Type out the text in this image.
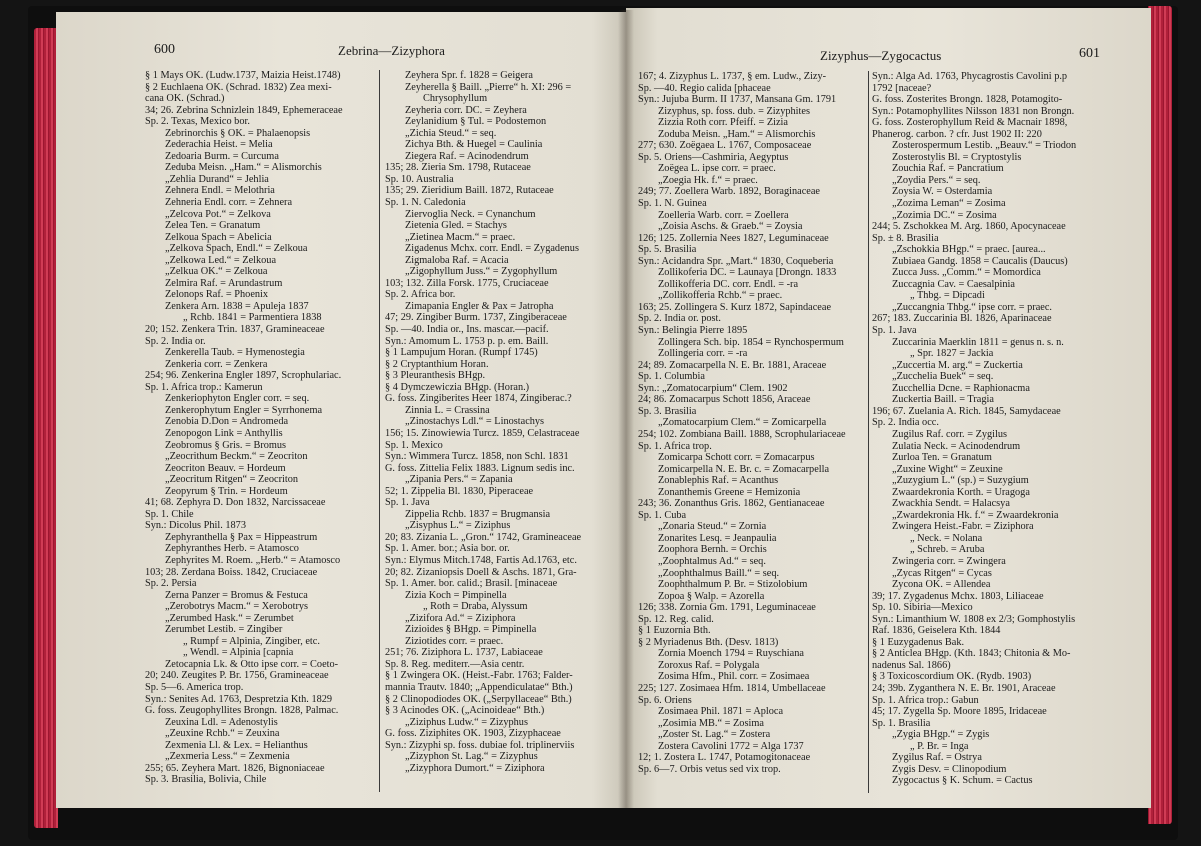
600	Zebrina—Zizyphora
§ 1 Mays OK. (Ludw.1737, Maizia Heist.1748)
§ 2 Euchlaena OK. (Schrad. 1832) Zea mexi-
cana OK. (Schrad.)
34; 26. Zebrina Schnizlein 1849, Ephemeraceae
Sp. 2. Texas, Mexico bor.
Zebrinorchis § OK. = Phalaenopsis
Zederachia Heist. = Melia
Zedoaria Burm. = Curcuma
Zeduba Meisn. „Ham.“ = Alismorchis
„Zehlia Durand“ = Jehlia
Zehnera Endl. = Melothria
Zehneria Endl. corr. = Zehnera
„Zelcova Pot.“ = Zelkova
Zelea Ten. = Granatum
Zelkoua Spach = Abelicia
„Zelkova Spach, Endl.“ = Zelkoua
„Zelkowa Led.“ = Zelkoua
„Zelkua OK.“ = Zelkoua
Zelmira Raf. = Arundastrum
Zelonops Raf. = Phoenix
Zenkera Arn. 1838 = Apuleja 1837
„ Rchb. 1841 = Parmentiera 1838
20; 152. Zenkera Trin. 1837, Gramineaceae
Sp. 2. India or.
Zenkerella Taub. = Hymenostegia
Zenkeria corr. = Zenkera
254; 96. Zenkerina Engler 1897, Scrophulariac.
Sp. 1. Africa trop.: Kamerun
Zenkeriophyton Engler corr. = seq.
Zenkerophytum Engler = Syrrhonema
Zenobia D.Don = Andromeda
Zenopogon Link = Anthyllis
Zeobromus § Gris. = Bromus
„Zeocrithum Beckm.“ = Zeocriton
Zeocriton Beauv. = Hordeum
„Zeocritum Ritgen“ = Zeocriton
Zeopyrum § Trin. = Hordeum
41; 68. Zephyra D. Don 1832, Narcissaceae
Sp. 1. Chile
Syn.: Dicolus Phil. 1873
Zephyranthella § Pax = Hippeastrum
Zephyranthes Herb. = Atamosco
Zephyrites M. Roem. „Herb.“ = Atamosco
103; 28. Zerdana Boiss. 1842, Cruciaceae
Sp. 2. Persia
Zerna Panzer = Bromus & Festuca
„Zerobotrys Macm.“ = Xerobotrys
„Zerumbed Hask.“ = Zerumbet
Zerumbet Lestib. = Zingiber
„ Rumpf = Alpinia, Zingiber, etc.
„ Wendl. = Alpinia [capnia
Zetocapnia Lk. & Otto ipse corr. = Coeto-
20; 240. Zeugites P. Br. 1756, Gramineaceae
Sp. 5—6. America trop.
Syn.: Senites Ad. 1763, Despretzia Kth. 1829
G. foss. Zeugophyllites Brongn. 1828, Palmac.
Zeuxina Ldl. = Adenostylis
„Zeuxine Rchb.“ = Zeuxina
Zexmenia Ll. & Lex. = Helianthus
„Zexmeria Less.“ = Zexmenia
255; 65. Zeyhera Mart. 1826, Bignoniaceae
Sp. 3. Brasilia, Bolivia, Chile
Zeyhera Spr. f. 1828 = Geigera
Zeyherella § Baill. „Pierre“ h. XI: 296 =
Chrysophyllum
Zeyheria corr. DC. = Zeyhera
Zeylanidium § Tul. = Podostemon
„Zichia Steud.“ = seq.
Zichya Bth. & Huegel = Caulinia
Ziegera Raf. = Acinodendrum
135; 28. Zieria Sm. 1798, Rutaceae
Sp. 10. Australia
135; 29. Zieridium Baill. 1872, Rutaceae
Sp. 1. N. Caledonia
Ziervoglia Neck. = Cynanchum
Zietenia Gled. = Stachys
„Zietinea Macm.“ = praec.
Zigadenus Mchx. corr. Endl. = Zygadenus
Zigmaloba Raf. = Acacia
„Zigophyllum Juss.“ = Zygophyllum
103; 132. Zilla Forsk. 1775, Cruciaceae
Sp. 2. Africa bor.
Zimapania Engler & Pax = Jatropha
47; 29. Zingiber Burm. 1737, Zingiberaceae
Sp. —40. India or., Ins. mascar.—pacif.
Syn.: Amomum L. 1753 p. p. em. Baill.
§ 1 Lampujum Horan. (Rumpf 1745)
§ 2 Cryptanthium Horan.
§ 3 Pleuranthesis BHgp.
§ 4 Dymczewiczia BHgp. (Horan.)
G. foss. Zingiberites Heer 1874, Zingiberac.?
Zinnia L. = Crassina
„Zinostachys Ldl.“ = Linostachys
156; 15. Zinowiewia Turcz. 1859, Celastraceae
Sp. 1. Mexico
Syn.: Wimmera Turcz. 1858, non Schl. 1831
G. foss. Zittelia Felix 1883. Lignum sedis inc.
„Zipania Pers.“ = Zapania
52; 1. Zippelia Bl. 1830, Piperaceae
Sp. 1. Java
Zippelia Rchb. 1837 = Brugmansia
„Zisyphus L.“ = Ziziphus
20; 83. Zizania L. „Gron.“ 1742, Gramineaceae
Sp. 1. Amer. bor.; Asia bor. or.
Syn.: Elymus Mitch.1748, Fartis Ad.1763, etc.
20; 82. Zizaniopsis Doell & Aschs. 1871, Gra-
Sp. 1. Amer. bor. calid.; Brasil. [minaceae
Zizia Koch = Pimpinella
„ Roth = Draba, Alyssum
„Zizifora Ad.“ = Ziziphora
Zizioides § BHgp. = Pimpinella
Ziziotides corr. = praec.
251; 76. Ziziphora L. 1737, Labiaceae
Sp. 8. Reg. mediterr.—Asia centr.
§ 1 Zwingera OK. (Heist.-Fabr. 1763; Falder-
mannia Trautv. 1840; „Appendiculatae“ Bth.)
§ 2 Clinopodiodes OK. („Serpyllaceae“ Bth.)
§ 3 Acinodes OK. („Acinoideae“ Bth.)
„Ziziphus Ludw.“ = Zizyphus
G. foss. Ziziphites OK. 1903, Zizyphaceae
Syn.: Zizyphi sp. foss. dubiae fol. triplinerviis
„Zizyphon St. Lag.“ = Zizyphus
„Zizyphora Dumort.“ = Ziziphora
Zizyphus—Zygocactus	601
167; 4. Zizyphus L. 1737, § em. Ludw., Zizy-
Sp. —40. Regio calida [phaceae
Syn.: Jujuba Burm. II 1737, Mansana Gm. 1791
Zizyphus, sp. foss. dub. = Zizyphites
Zizzia Roth corr. Pfeiff. = Zizia
Zoduba Meisn. „Ham.“ = Alismorchis
277; 630. Zoëgaea L. 1767, Composaceae
Sp. 5. Oriens—Cashmiria, Aegyptus
Zoëgea L. ipse corr. = praec.
„Zoegia Hk. f.“ = praec.
249; 77. Zoellera Warb. 1892, Boraginaceae
Sp. 1. N. Guinea
Zoelleria Warb. corr. = Zoellera
„Zoisia Aschs. & Graeb.“ = Zoysia
126; 125. Zollernia Nees 1827, Leguminaceae
Sp. 5. Brasilia
Syn.: Acidandra Spr. „Mart.“ 1830, Coqueberia
Zollikoferia DC. = Launaya [Drongn. 1833
Zollikofferia DC. corr. Endl. = -ra
„Zollikofferia Rchb.“ = praec.
163; 25. Zollingera S. Kurz 1872, Sapindaceae
Sp. 2. India or. post.
Syn.: Belingia Pierre 1895
Zollingera Sch. bip. 1854 = Rynchospermum
Zollingeria corr. = -ra
24; 89. Zomacarpella N. E. Br. 1881, Araceae
Sp. 1. Columbia
Syn.: „Zomatocarpium“ Clem. 1902
24; 86. Zomacarpus Schott 1856, Araceae
Sp. 3. Brasilia
„Zomatocarpium Clem.“ = Zomicarpella
254; 102. Zombiana Baill. 1888, Scrophulariaceae
Sp. 1. Africa trop.
Zomicarpa Schott corr. = Zomacarpus
Zomicarpella N. E. Br. c. = Zomacarpella
Zonablephis Raf. = Acanthus
Zonanthemis Greene = Hemizonia
243; 36. Zonanthus Gris. 1862, Gentianaceae
Sp. 1. Cuba
„Zonaria Steud.“ = Zornia
Zonarites Lesq. = Jeanpaulia
Zoophora Bernh. = Orchis
„Zoophtalmus Ad.“ = seq.
„Zoophthalmus Baill.“ = seq.
Zoophthalmum P. Br. = Stizolobium
Zopoa § Walp. = Azorella
126; 338. Zornia Gm. 1791, Leguminaceae
Sp. 12. Reg. calid.
§ 1 Euzornia Bth.
§ 2 Myriadenus Bth. (Desv. 1813)
Zornia Moench 1794 = Ruyschiana
Zoroxus Raf. = Polygala
Zosima Hfm., Phil. corr. = Zosimaea
225; 127. Zosimaea Hfm. 1814, Umbellaceae
Sp. 6. Oriens
Zosimaea Phil. 1871 = Aploca
„Zosimia MB.“ = Zosima
„Zoster St. Lag.“ = Zostera
Zostera Cavolini 1772 = Alga 1737
12; 1. Zostera L. 1747, Potamogitonaceae
Sp. 6—7. Orbis vetus sed vix trop.
Syn.: Alga Ad. 1763, Phycagrostis Cavolini p.p
1792 [naceae?
G. foss. Zosterites Brongn. 1828, Potamogito-
Syn.: Potamophyllites Nilsson 1831 non Brongn.
G. foss. Zosterophyllum Reid & Macnair 1898,
Phanerog. carbon. ? cfr. Just 1902 II: 220
Zosterospermum Lestib. „Beauv.“ = Triodon
Zosterostylis Bl. = Cryptostylis
Zouchia Raf. = Pancratium
„Zoydia Pers.“ = seq.
Zoysia W. = Osterdamia
„Zozima Leman“ = Zosima
„Zozimia DC.“ = Zosima
244; 5. Zschokkea M. Arg. 1860, Apocynaceae
Sp. ± 8. Brasilia
„Zschokkia BHgp.“ = praec. [aurea...
Zubiaea Gandg. 1858 = Caucalis (Daucus)
Zucca Juss. „Comm.“ = Momordica
Zuccagnia Cav. = Caesalpinia
„ Thbg. = Dipcadi
„Zuccangnia Thbg.“ ipse corr. = praec.
267; 183. Zuccarinia Bl. 1826, Aparinaceae
Sp. 1. Java
Zuccarinia Maerklin 1811 = genus n. s. n.
„ Spr. 1827 = Jackia
„Zuccertia M. arg.“ = Zuckertia
„Zucchelia Buek“ = seq.
Zucchellia Dcne. = Raphionacma
Zuckertia Baill. = Tragia
196; 67. Zuelania A. Rich. 1845, Samydaceae
Sp. 2. India occ.
Zugilus Raf. corr. = Zygilus
Zulatia Neck. = Acinodendrum
Zurloa Ten. = Granatum
„Zuxine Wight“ = Zeuxine
„Zuzygium L.“ (sp.) = Suzygium
Zwaardekronia Korth. = Uragoga
Zwackhia Sendt. = Halacsya
„Zwardekronia Hk. f.“ = Zwaardekronia
Zwingera Heist.-Fabr. = Ziziphora
„ Neck. = Nolana
„ Schreb. = Aruba
Zwingeria corr. = Zwingera
„Zycas Ritgen“ = Cycas
Zycona OK. = Allendea
39; 17. Zygadenus Mchx. 1803, Liliaceae
Sp. 10. Sibiria—Mexico
Syn.: Limanthium W. 1808 ex 2/3; Gomphostylis
Raf. 1836, Geiselera Kth. 1844
§ 1 Euzygadenus Bak.
§ 2 Anticlea BHgp. (Kth. 1843; Chitonia & Mo-
nadenus Sal. 1866)
§ 3 Toxicoscordium OK. (Rydb. 1903)
24; 39b. Zyganthera N. E. Br. 1901, Araceae
Sp. 1. Africa trop.: Gabun
45; 17. Zygella Sp. Moore 1895, Iridaceae
Sp. 1. Brasilia
„Zygia BHgp.“ = Zygis
„ P. Br. = Inga
Zygilus Raf. = Ostrya
Zygis Desv. = Clinopodium
Zygocactus § K. Schum. = Cactus
